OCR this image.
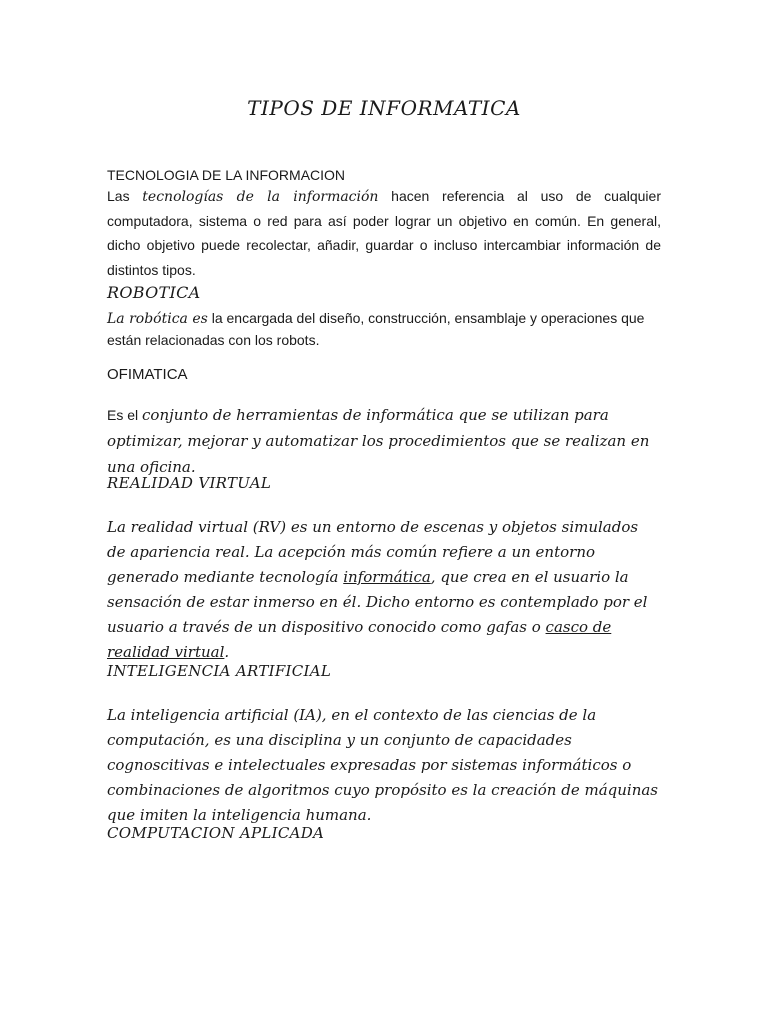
TIPOS DE INFORMATICA
TECNOLOGIA DE LA INFORMACION
Las tecnologías de la información hacen referencia al uso de cualquier computadora, sistema o red para así poder lograr un objetivo en común. En general, dicho objetivo puede recolectar, añadir, guardar o incluso intercambiar información de distintos tipos.
ROBOTICA
La robótica es la encargada del diseño, construcción, ensamblaje y operaciones que están relacionadas con los robots.
OFIMATICA
Es el conjunto de herramientas de informática que se utilizan para optimizar, mejorar y automatizar los procedimientos que se realizan en una oficina.
REALIDAD VIRTUAL
La realidad virtual (RV) es un entorno de escenas y objetos simulados de apariencia real. La acepción más común refiere a un entorno generado mediante tecnología informática, que crea en el usuario la sensación de estar inmerso en él. Dicho entorno es contemplado por el usuario a través de un dispositivo conocido como gafas o casco de realidad virtual.
INTELIGENCIA ARTIFICIAL
La inteligencia artificial (IA), en el contexto de las ciencias de la computación, es una disciplina y un conjunto de capacidades cognoscitivas e intelectuales expresadas por sistemas informáticos o combinaciones de algoritmos cuyo propósito es la creación de máquinas que imiten la inteligencia humana.
COMPUTACION APLICADA
